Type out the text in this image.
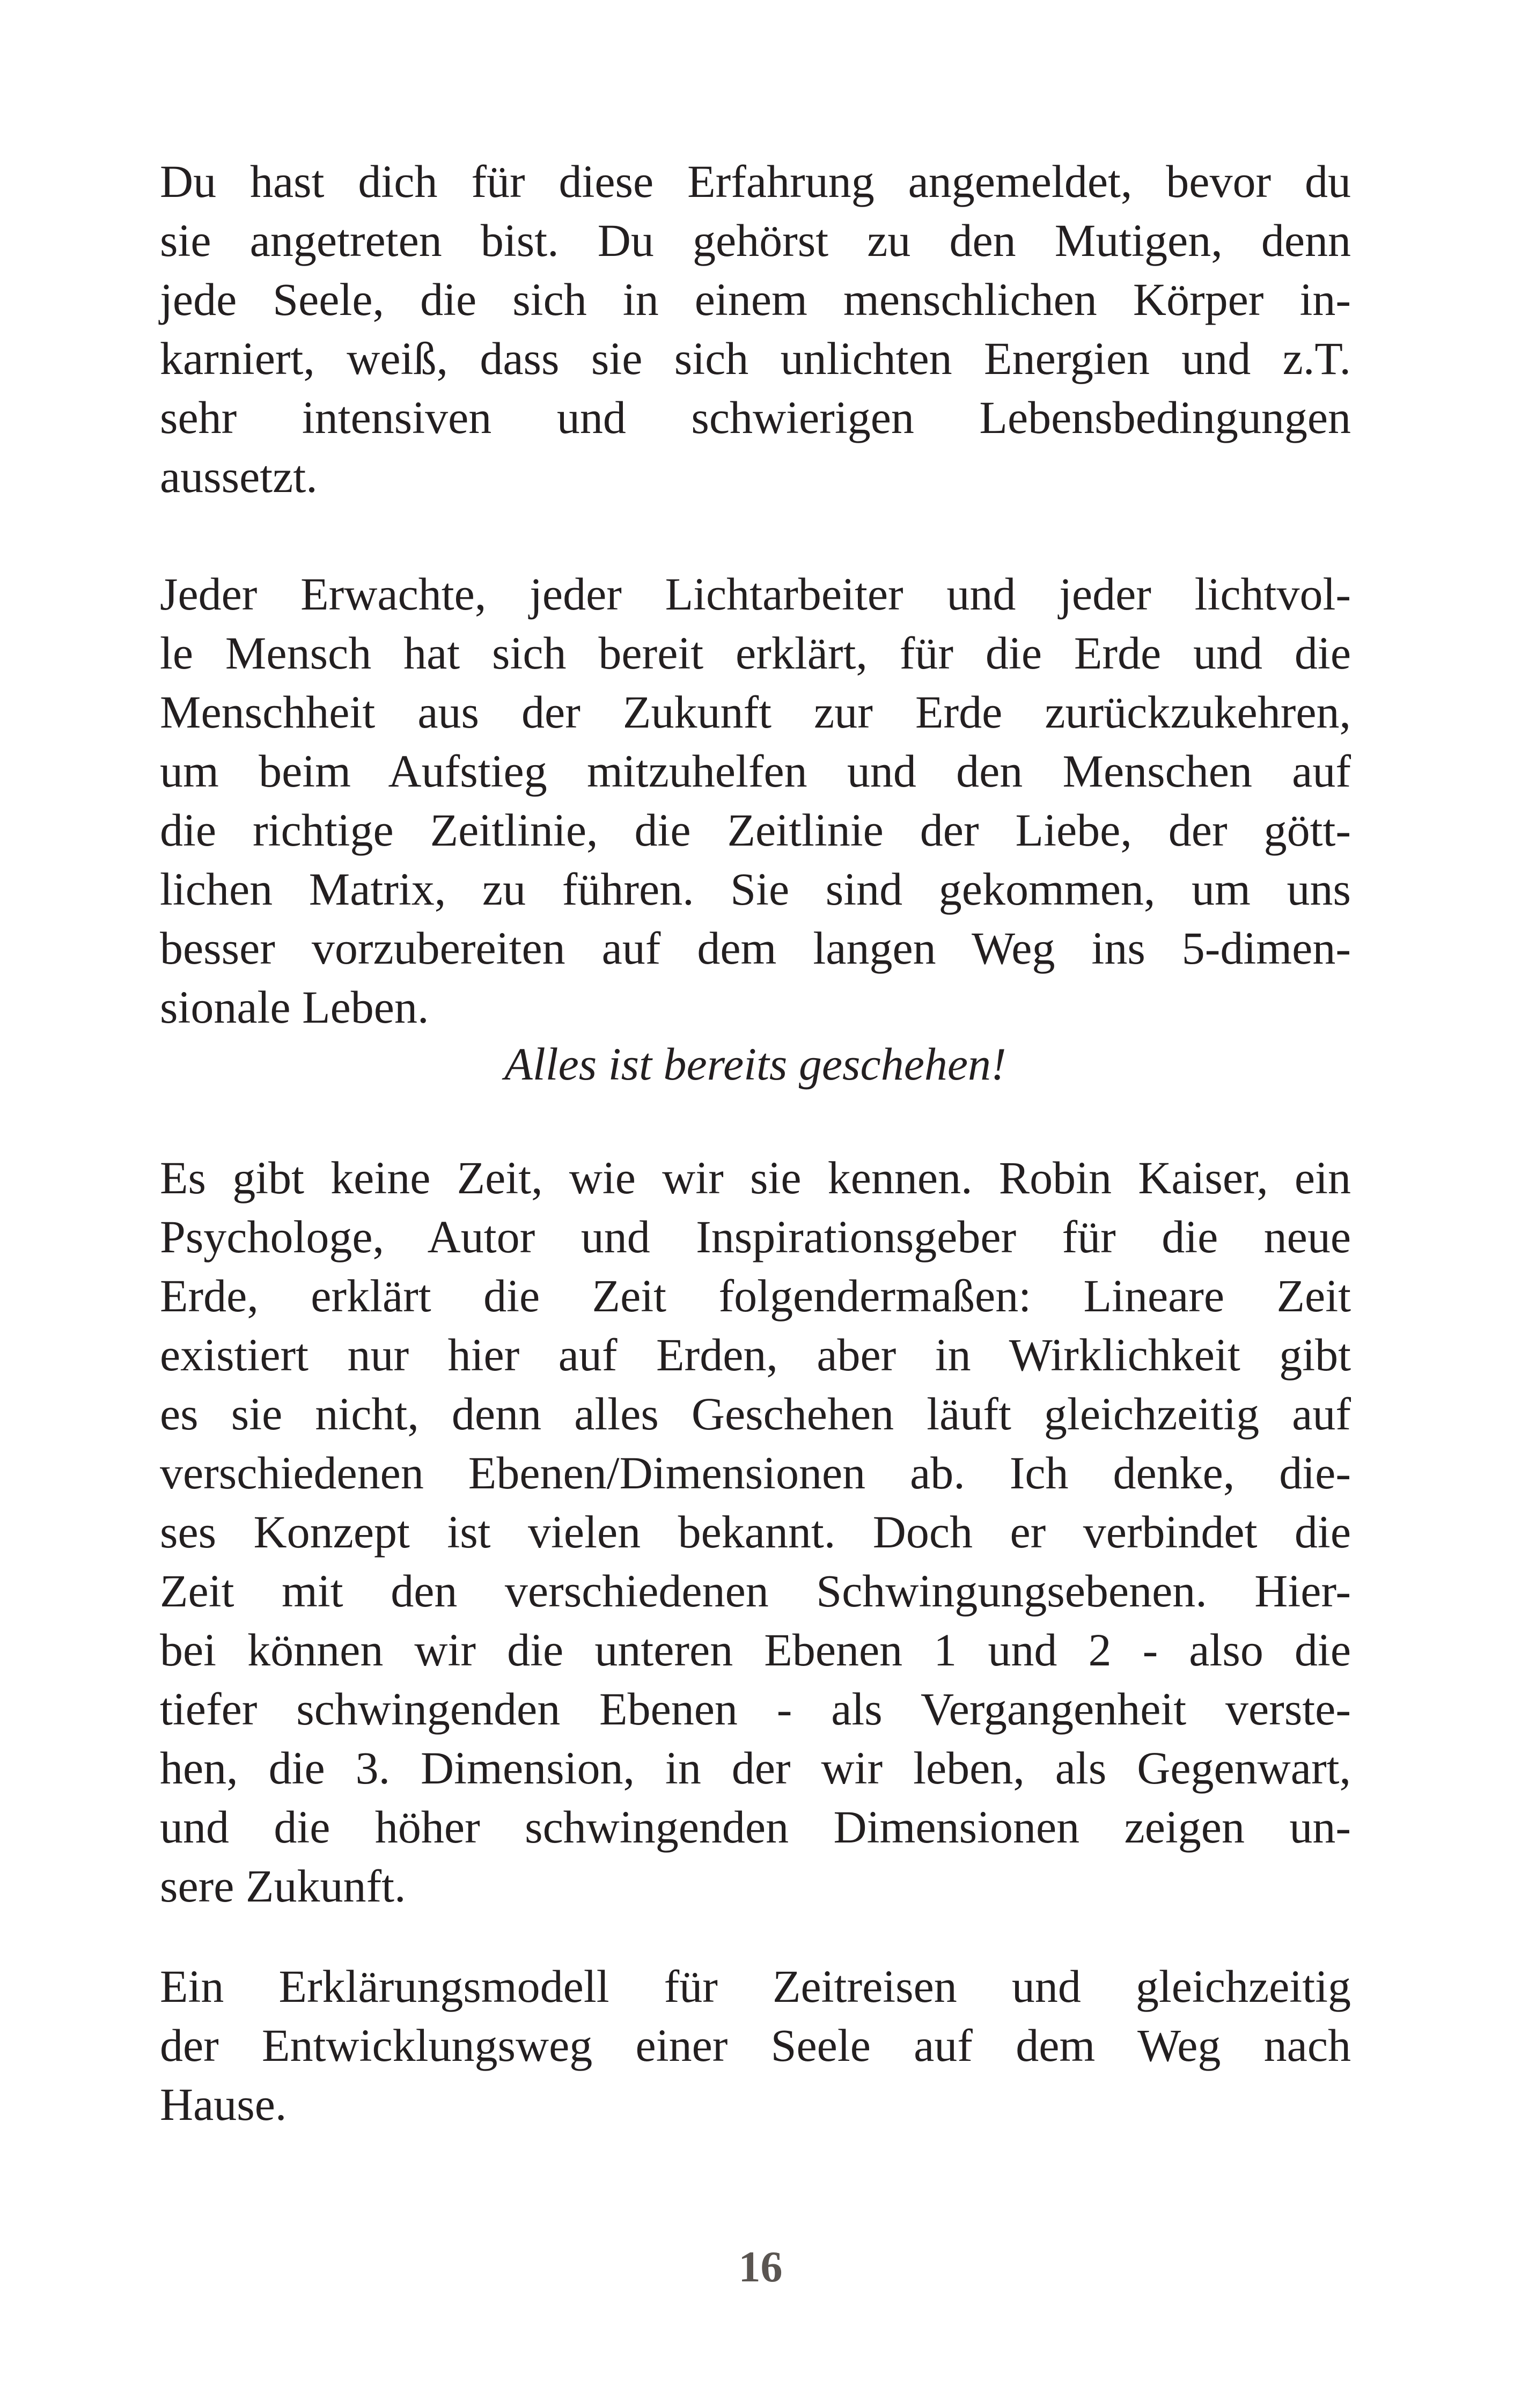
Du hast dich für diese Erfahrung angemeldet, bevor du
sie angetreten bist. Du gehörst zu den Mutigen, denn
jede Seele, die sich in einem menschlichen Körper in-
karniert, weiß, dass sie sich unlichten Energien und z.T.
sehr intensiven und schwierigen Lebensbedingungen
aussetzt.

Jeder Erwachte, jeder Lichtarbeiter und jeder lichtvol-
le Mensch hat sich bereit erklärt, für die Erde und die
Menschheit aus der Zukunft zur Erde zurückzukehren,
um beim Aufstieg mitzuhelfen und den Menschen auf
die richtige Zeitlinie, die Zeitlinie der Liebe, der gött-
lichen Matrix, zu führen. Sie sind gekommen, um uns
besser vorzubereiten auf dem langen Weg ins 5-dimen-
sionale Leben.

Alles ist bereits geschehen!

Es gibt keine Zeit, wie wir sie kennen. Robin Kaiser, ein
Psychologe, Autor und Inspirationsgeber für die neue
Erde, erklärt die Zeit folgendermaßen: Lineare Zeit
existiert nur hier auf Erden, aber in Wirklichkeit gibt
es sie nicht, denn alles Geschehen läuft gleichzeitig auf
verschiedenen Ebenen/Dimensionen ab. Ich denke, die-
ses Konzept ist vielen bekannt. Doch er verbindet die
Zeit mit den verschiedenen Schwingungsebenen. Hier-
bei können wir die unteren Ebenen 1 und 2 - also die
tiefer schwingenden Ebenen - als Vergangenheit verste-
hen, die 3. Dimension, in der wir leben, als Gegenwart,
und die höher schwingenden Dimensionen zeigen un-
sere Zukunft.

Ein Erklärungsmodell für Zeitreisen und gleichzeitig
der Entwicklungsweg einer Seele auf dem Weg nach
Hause.

16
